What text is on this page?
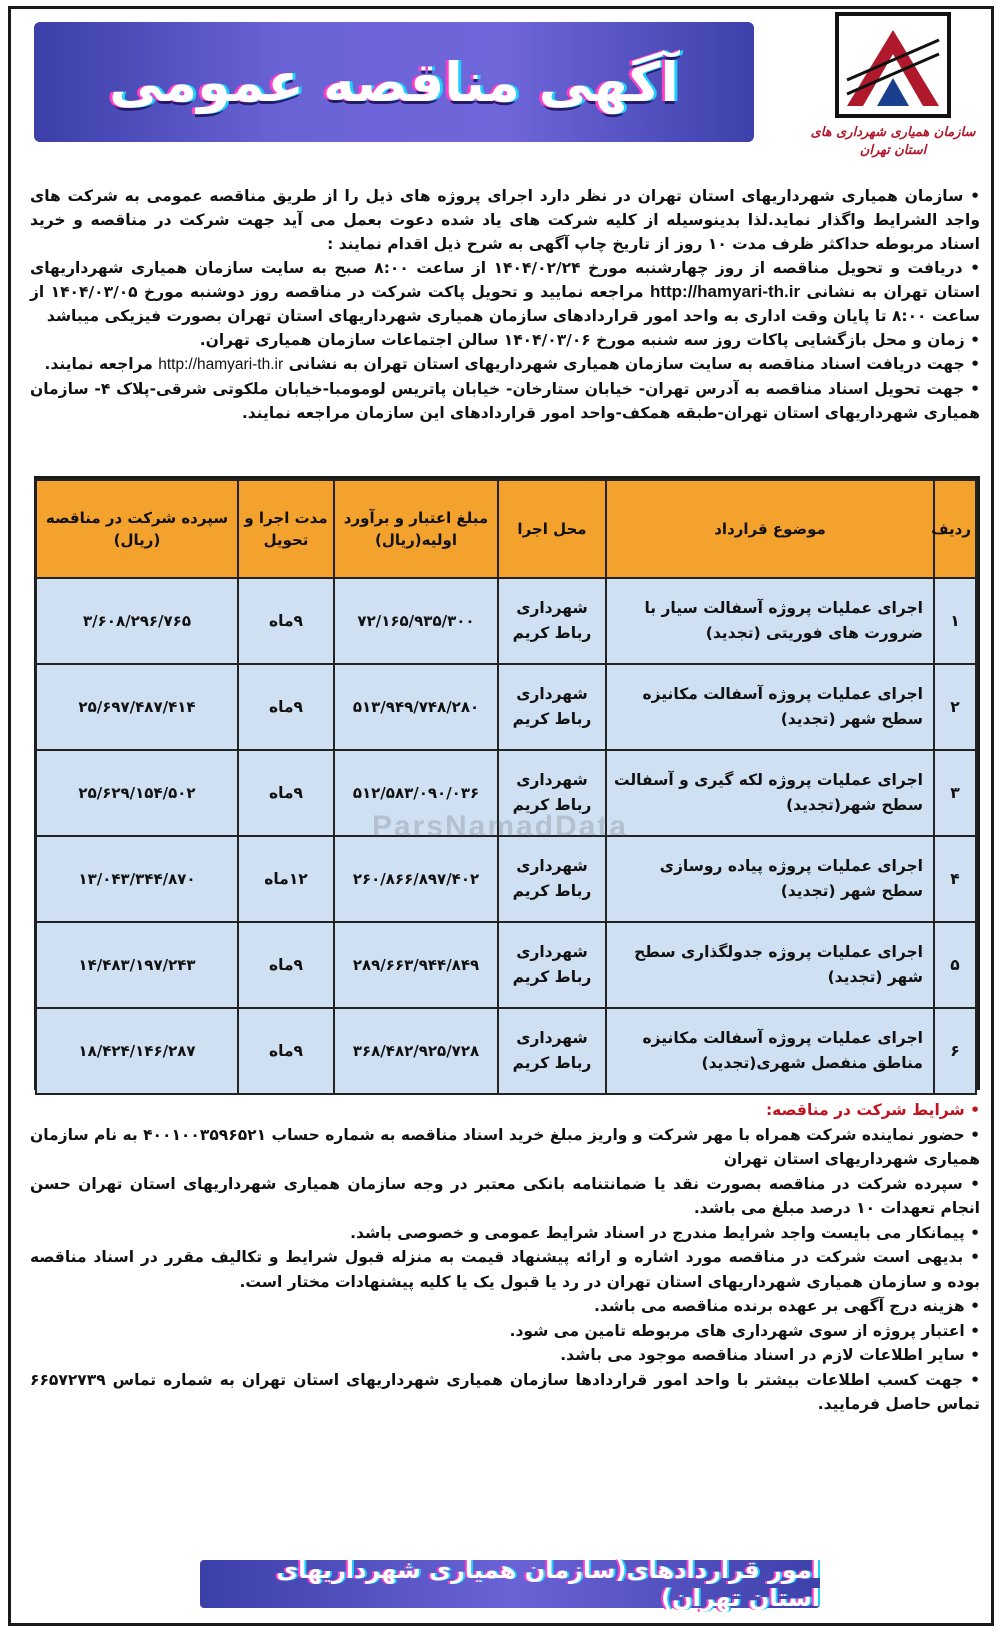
آگهی مناقصه عمومی
سازمان همیاری شهرداری های
استان تهران

• سازمان همیاری شهرداریهای استان تهران در نظر دارد اجرای پروژه های ذیل را از طریق مناقصه عمومی به شرکت های واجد الشرایط واگذار نماید.لذا بدینوسیله از کلیه شرکت های یاد شده دعوت بعمل می آید جهت شرکت در مناقصه و خرید اسناد مربوطه حداکثر ظرف مدت ۱۰ روز از تاریخ چاپ آگهی به شرح ذیل اقدام نمایند :

• دریافت و تحویل مناقصه از روز چهارشنبه مورخ ۱۴۰۴/۰۲/۲۴ از ساعت ۸:۰۰ صبح به سایت سازمان همیاری شهرداریهای استان تهران به نشانی http://hamyari-th.ir مراجعه نمایید و تحویل پاکت شرکت در مناقصه روز دوشنبه مورخ ۱۴۰۴/۰۳/۰۵ از ساعت ۸:۰۰ تا پایان وقت اداری به واحد امور قراردادهای سازمان همیاری شهرداریهای استان تهران بصورت فیزیکی میباشد

• زمان و محل بازگشایی پاکات روز سه شنبه مورخ ۱۴۰۴/۰۳/۰۶ سالن اجتماعات سازمان همیاری تهران.

• جهت دریافت اسناد مناقصه به سایت سازمان همیاری شهرداریهای استان تهران به نشانی http://hamyari-th.ir مراجعه نمایند.

• جهت تحویل اسناد مناقصه به آدرس تهران- خیابان ستارخان- خیابان پاتریس لومومبا-خیابان ملکوتی شرقی-پلاک ۴- سازمان همیاری شهرداریهای استان تهران-طبقه همکف-واحد امور قراردادهای این سازمان مراجعه نمایند.

ردیف	موضوع قرارداد	محل اجرا	مبلغ اعتبار و برآورد اولیه(ریال)	مدت اجرا و تحویل	سپرده شرکت در مناقصه (ریال)
۱	اجرای عملیات پروژه آسفالت سیار با ضرورت های فوریتی (تجدید)	شهرداری رباط کریم	۷۲/۱۶۵/۹۳۵/۳۰۰	۹ماه	۳/۶۰۸/۲۹۶/۷۶۵
۲	اجرای عملیات پروژه آسفالت مکانیزه سطح شهر (تجدید)	شهرداری رباط کریم	۵۱۳/۹۴۹/۷۴۸/۲۸۰	۹ماه	۲۵/۶۹۷/۴۸۷/۴۱۴
۳	اجرای عملیات پروژه لکه گیری و آسفالت سطح شهر(تجدید)	شهرداری رباط کریم	۵۱۲/۵۸۳/۰۹۰/۰۳۶	۹ماه	۲۵/۶۲۹/۱۵۴/۵۰۲
۴	اجرای عملیات پروژه پیاده روسازی سطح شهر (تجدید)	شهرداری رباط کریم	۲۶۰/۸۶۶/۸۹۷/۴۰۲	۱۲ماه	۱۳/۰۴۳/۳۴۴/۸۷۰
۵	اجرای عملیات پروژه جدولگذاری سطح شهر (تجدید)	شهرداری رباط کریم	۲۸۹/۶۶۳/۹۴۴/۸۴۹	۹ماه	۱۴/۴۸۳/۱۹۷/۲۴۳
۶	اجرای عملیات پروژه آسفالت مکانیزه مناطق منفصل شهری(تجدید)	شهرداری رباط کریم	۳۶۸/۴۸۲/۹۲۵/۷۲۸	۹ماه	۱۸/۴۲۴/۱۴۶/۲۸۷
ParsNamadData

• شرایط شرکت در مناقصه:

• حضور نماینده شرکت همراه با مهر شرکت و واریز مبلغ خرید اسناد مناقصه به شماره حساب ۴۰۰۱۰۰۳۵۹۶۵۲۱ به نام سازمان همیاری شهرداریهای استان تهران

• سپرده شرکت در مناقصه بصورت نقد یا ضمانتنامه بانکی معتبر در وجه سازمان همیاری شهرداریهای استان تهران حسن انجام تعهدات ۱۰ درصد مبلغ می باشد.

• پیمانکار می بایست واجد شرایط مندرج در اسناد شرایط عمومی و خصوصی باشد.

• بدیهی است شرکت در مناقصه مورد اشاره و ارائه پیشنهاد قیمت به منزله قبول شرایط و تکالیف مقرر در اسناد مناقصه بوده و سازمان همیاری شهرداریهای استان تهران در رد یا قبول یک یا کلیه پیشنهادات مختار است.

• هزینه درج آگهی بر عهده برنده مناقصه می باشد.

• اعتبار پروژه از سوی شهرداری های مربوطه تامین می شود.

• سایر اطلاعات لازم در اسناد مناقصه موجود می باشد.

• جهت کسب اطلاعات بیشتر با واحد امور قراردادها سازمان همیاری شهرداریهای استان تهران به شماره تماس ۶۶۵۷۲۷۳۹ تماس حاصل فرمایید.

امور قراردادهای(سازمان همیاری شهرداریهای استان تهران)
